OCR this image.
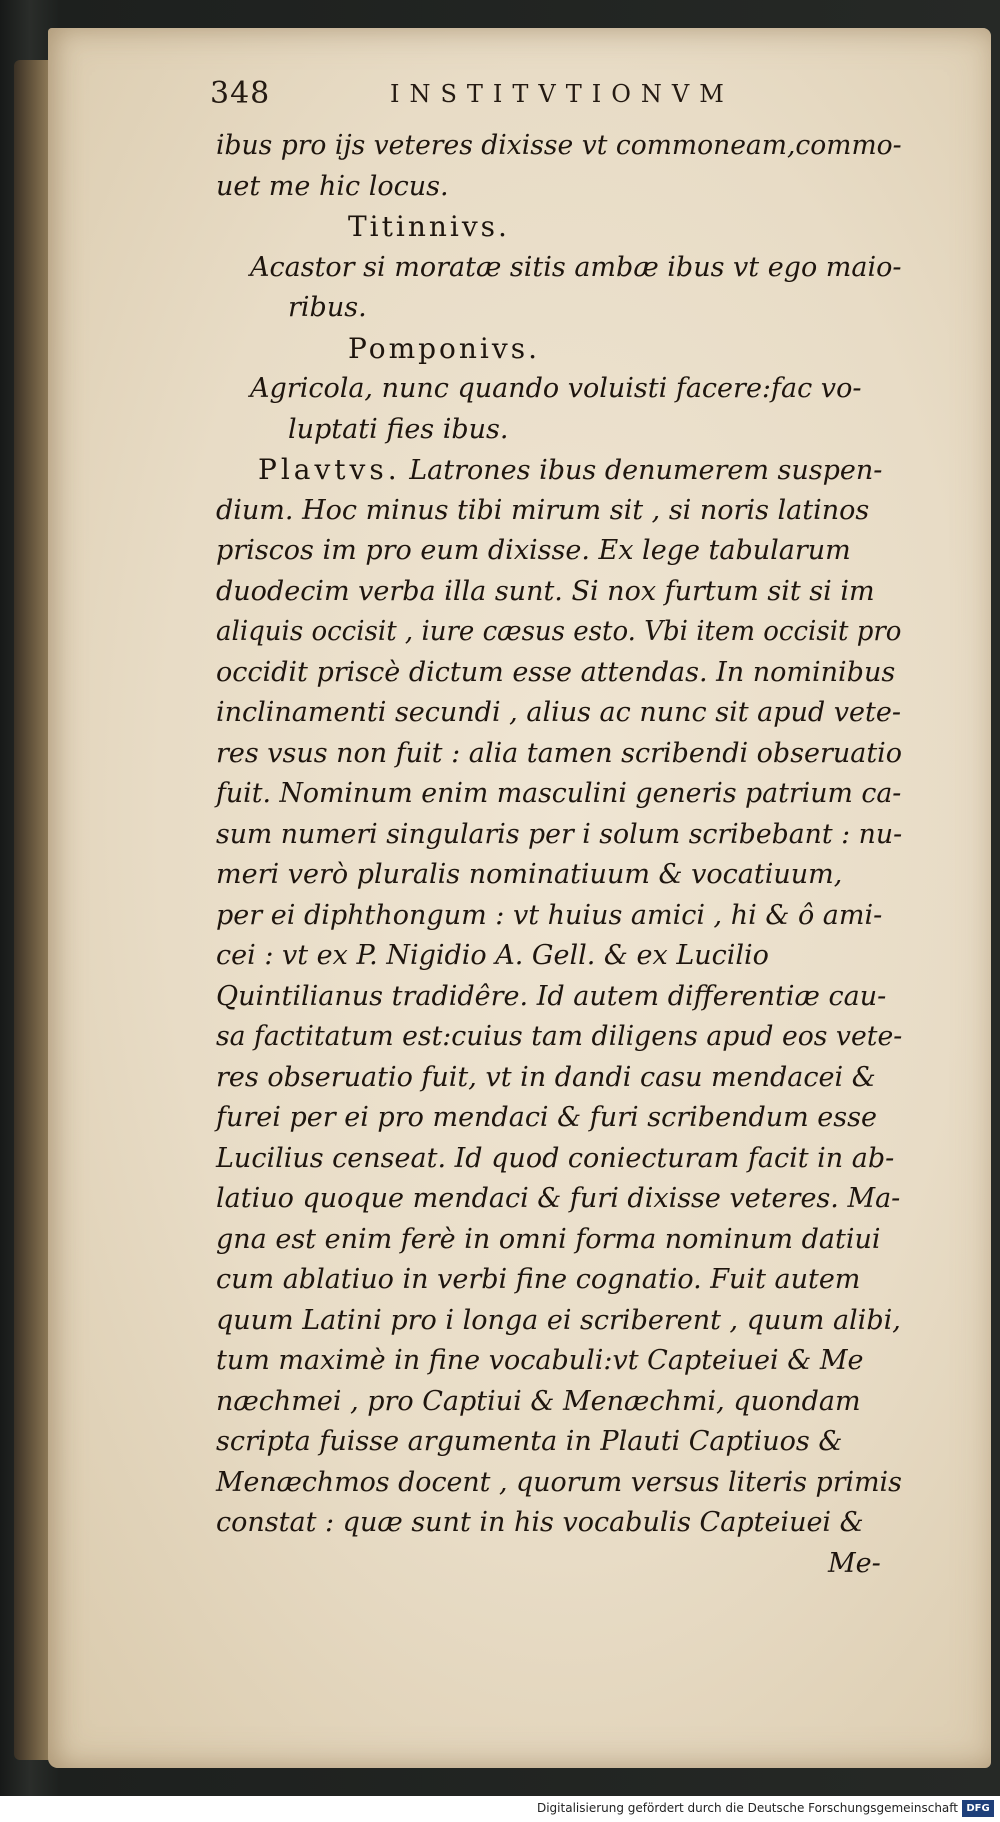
348	INSTITVTIONVM
ibus pro ijs veteres dixisse vt commoneam,commo-
uet me hic locus.
Titinnivs.
Acastor si moratæ sitis ambæ ibus vt ego maio-
ribus.
Pomponivs.
Agricola, nunc quando voluisti facere:fac vo-
luptati fies ibus.
Plavtvs. Latrones ibus denumerem suspen-
dium. Hoc minus tibi mirum sit , si noris latinos
priscos im pro eum dixisse. Ex lege tabularum
duodecim verba illa sunt. Si nox furtum sit si im
aliquis occisit , iure cæsus esto. Vbi item occisit pro
occidit priscè dictum esse attendas. In nominibus
inclinamenti secundi , alius ac nunc sit apud vete-
res vsus non fuit : alia tamen scribendi obseruatio
fuit. Nominum enim masculini generis patrium ca-
sum numeri singularis per i solum scribebant : nu-
meri verò pluralis nominatiuum & vocatiuum,
per ei diphthongum : vt huius amici , hi & ô ami-
cei : vt ex P. Nigidio A. Gell. & ex Lucilio
Quintilianus tradidêre. Id autem differentiæ cau-
sa factitatum est:cuius tam diligens apud eos vete-
res obseruatio fuit, vt in dandi casu mendacei &
furei per ei pro mendaci & furi scribendum esse
Lucilius censeat. Id quod coniecturam facit in ab-
latiuo quoque mendaci & furi dixisse veteres. Ma-
gna est enim ferè in omni forma nominum datiui
cum ablatiuo in verbi fine cognatio. Fuit autem
quum Latini pro i longa ei scriberent , quum alibi,
tum maximè in fine vocabuli:vt Capteiuei & Me
næchmei , pro Captiui & Menæchmi, quondam
scripta fuisse argumenta in Plauti Captiuos &
Menæchmos docent , quorum versus literis primis
constat : quæ sunt in his vocabulis Capteiuei &
Me-
Digitalisierung gefördert durch die Deutsche Forschungsgemeinschaft DFG
